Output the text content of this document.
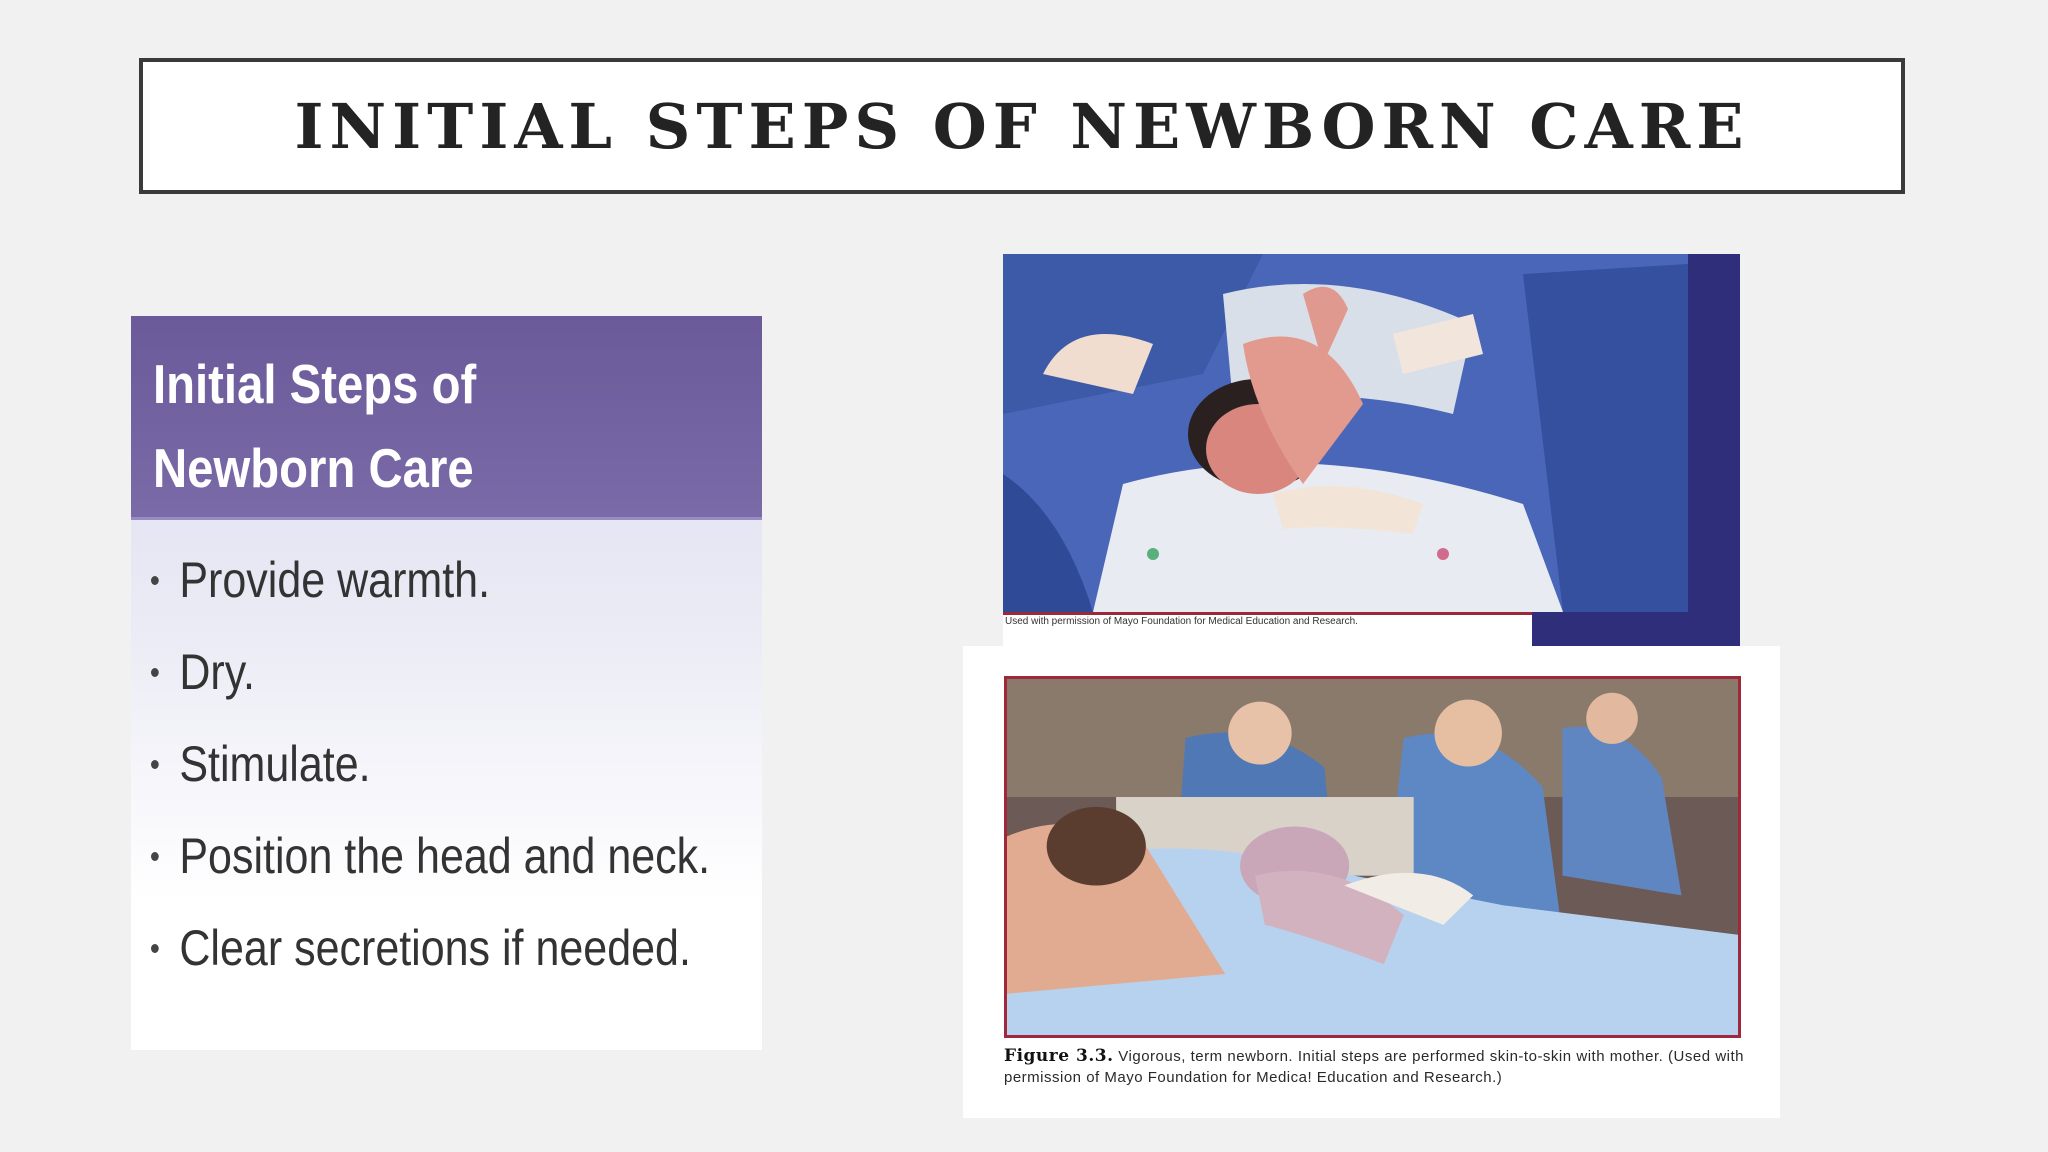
INITIAL STEPS OF NEWBORN CARE
Initial Steps of Newborn Care
Provide warmth.
Dry.
Stimulate.
Position the head and neck.
Clear secretions if needed.
Used with permission of Mayo Foundation for Medical Education and Research.
Figure 3.3. Vigorous, term newborn. Initial steps are performed skin-to-skin with mother. (Used with permission of Mayo Foundation for Medica! Education and Research.)
